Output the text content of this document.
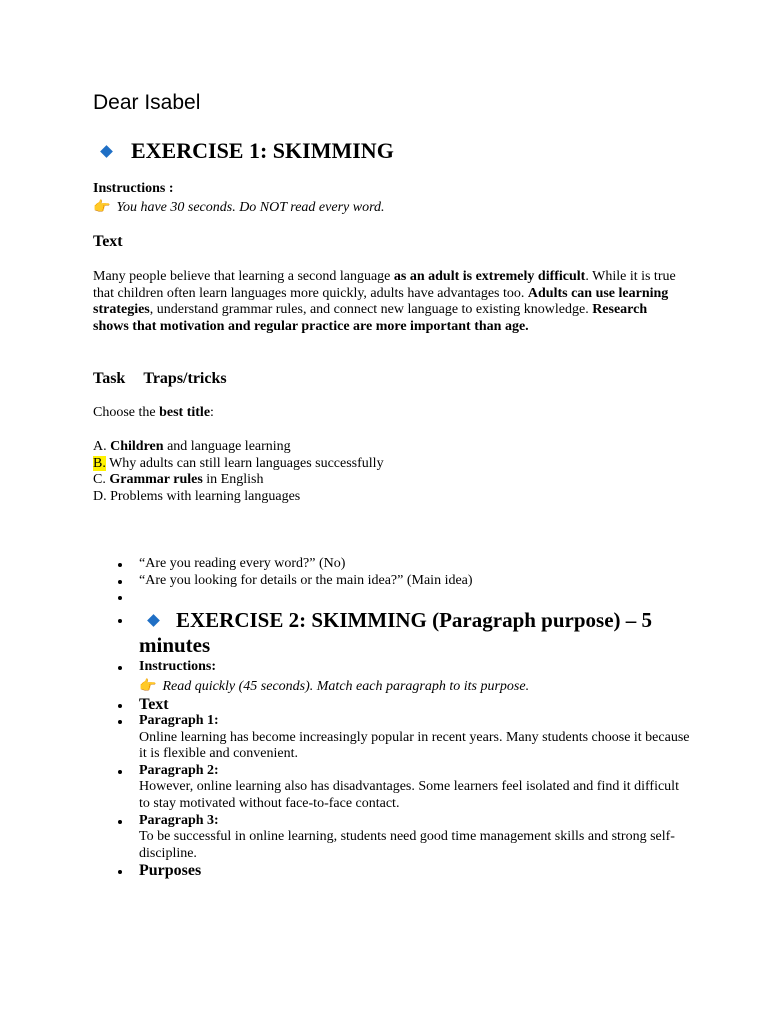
Dear Isabel
EXERCISE 1: SKIMMING

Instructions :

👉 You have 30 seconds. Do NOT read every word.

Text

Many people believe that learning a second language as an adult is extremely difficult. While it is true that children often learn languages more quickly, adults have advantages too. Adults can use learning strategies, understand grammar rules, and connect new language to existing knowledge. Research shows that motivation and regular practice are more important than age.

Task Traps/tricks

Choose the best title:

A. Children and language learning
B. Why adults can still learn languages successfully
C. Grammar rules in English
D. Problems with learning languages
“Are you reading every word?” (No)
“Are you looking for details or the main idea?” (Main idea)

EXERCISE 2: SKIMMING (Paragraph purpose) – 5 minutes
Instructions:
👉 Read quickly (45 seconds). Match each paragraph to its purpose.
Text
Paragraph 1:
Online learning has become increasingly popular in recent years. Many students choose it because it is flexible and convenient.
Paragraph 2:
However, online learning also has disadvantages. Some learners feel isolated and find it difficult to stay motivated without face-to-face contact.
Paragraph 3:
To be successful in online learning, students need good time management skills and strong self-discipline.
Purposes
